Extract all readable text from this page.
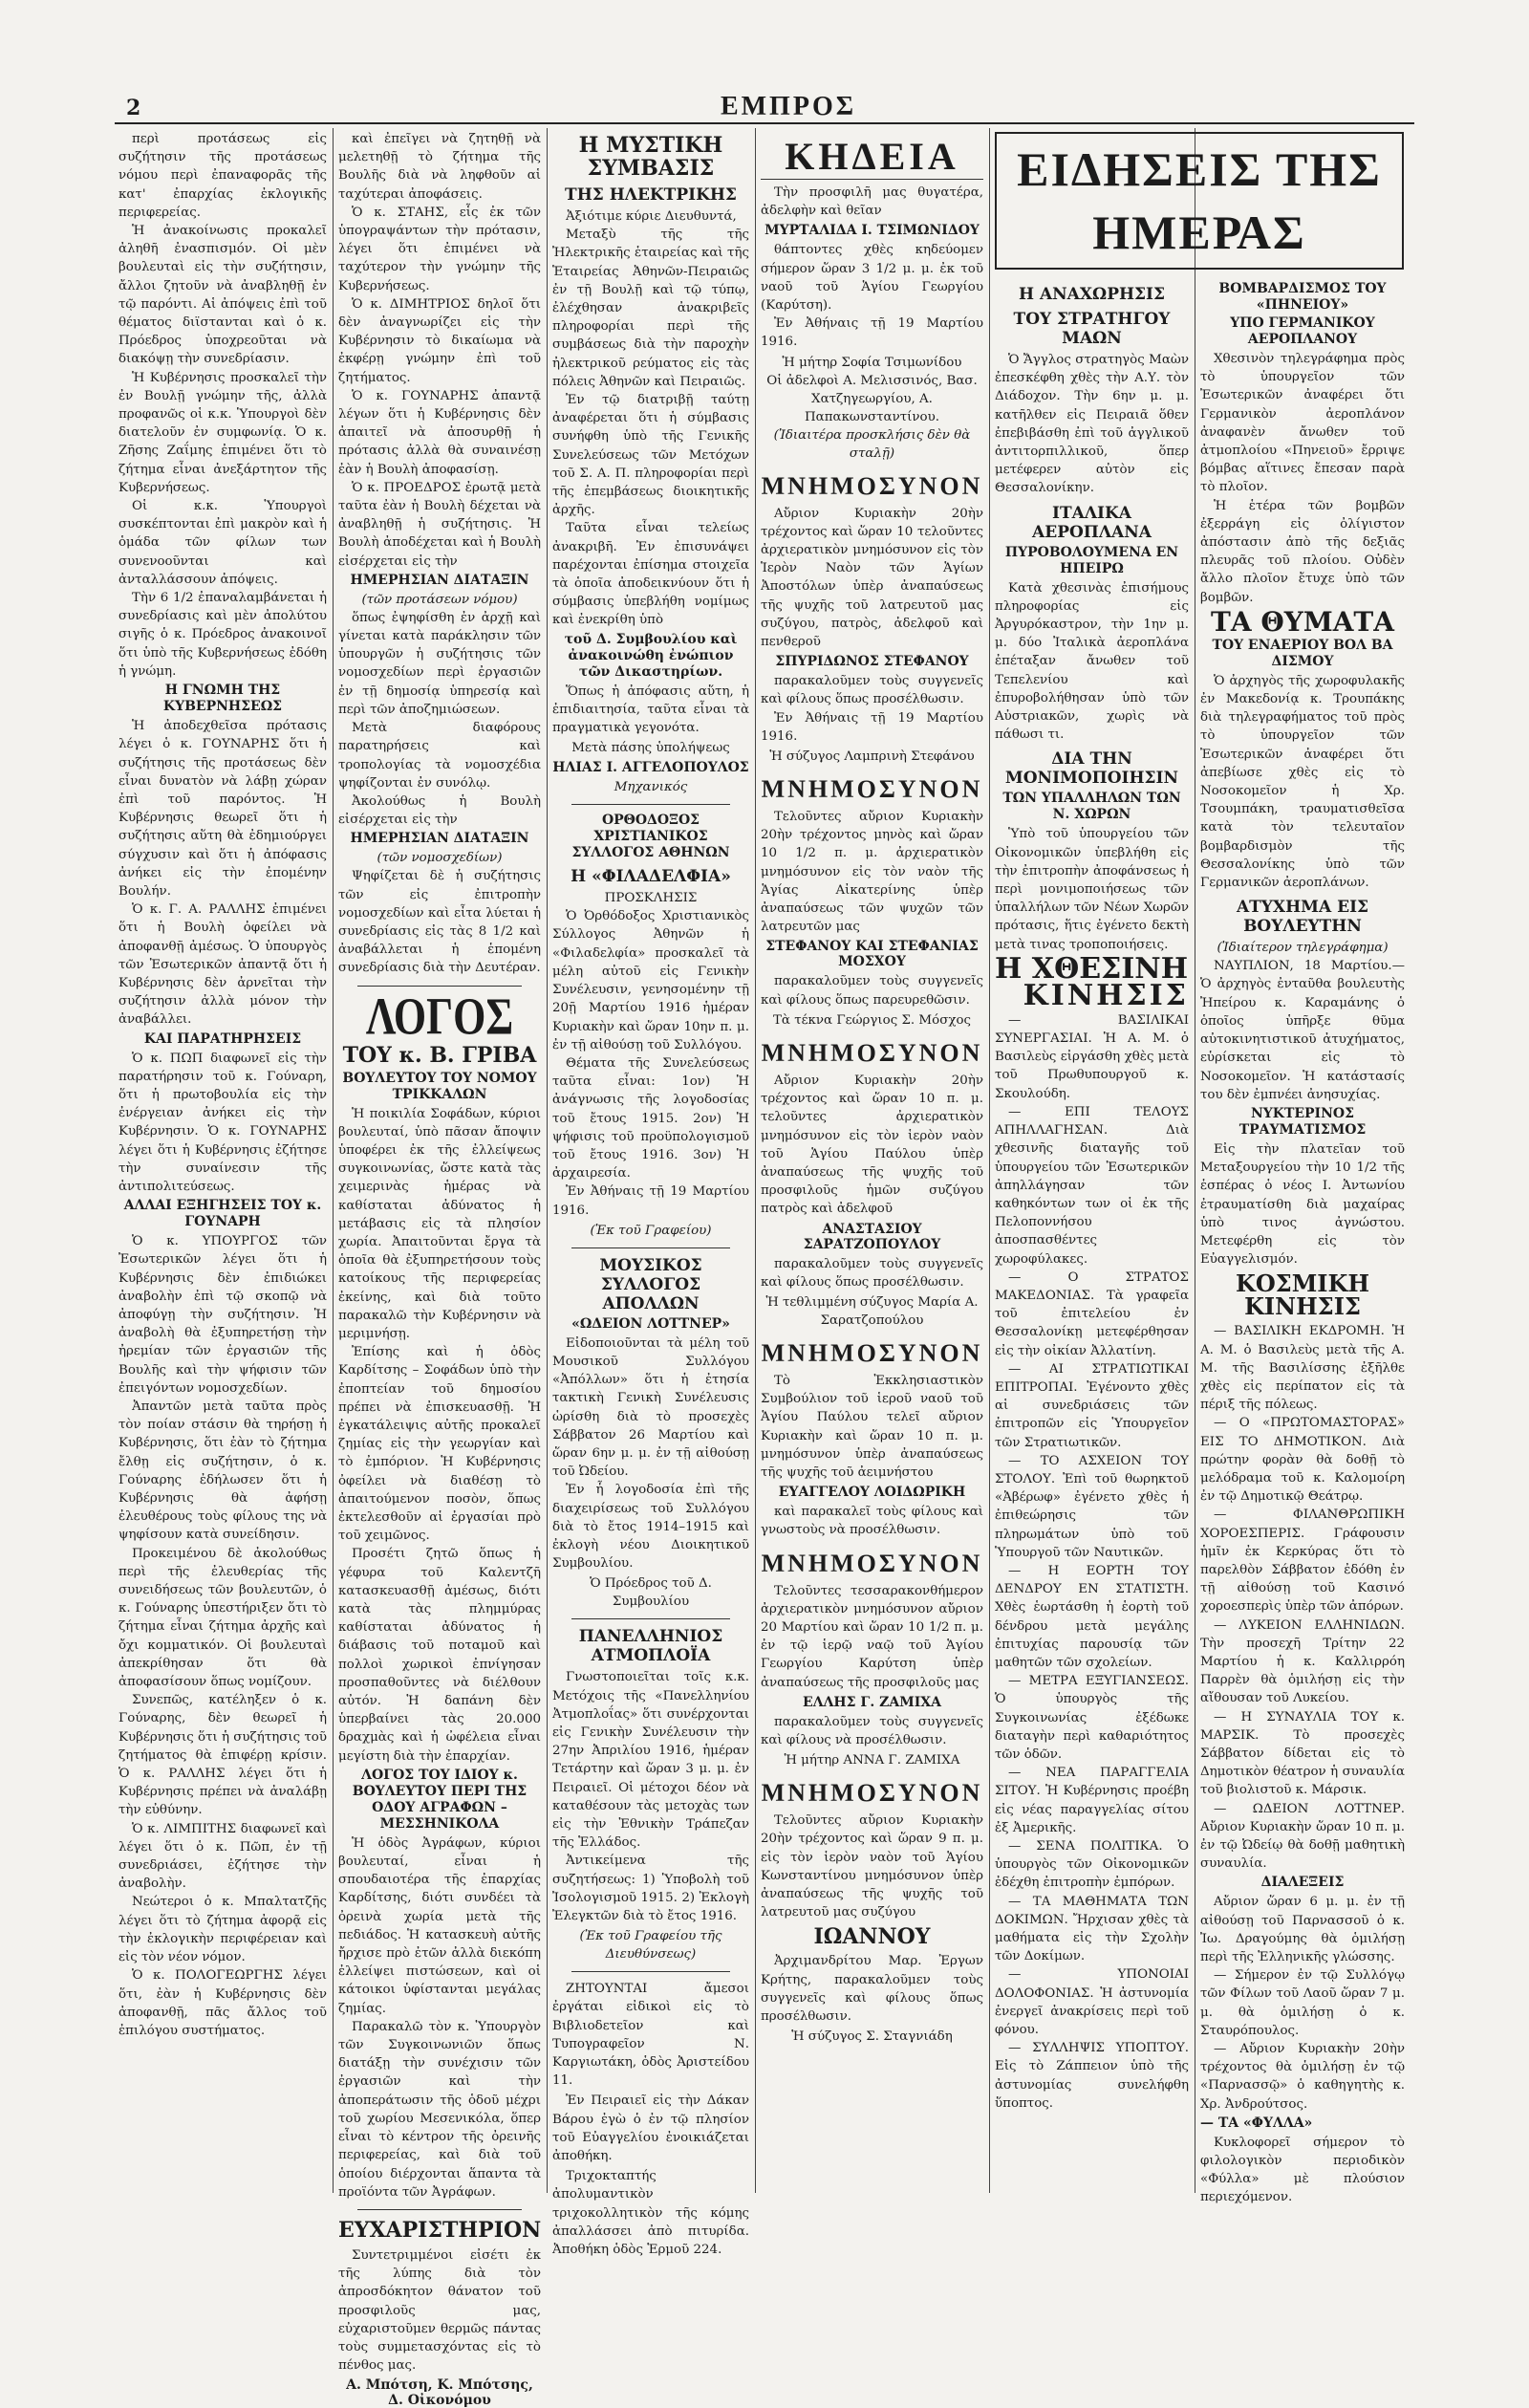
2	ΕΜΠΡΟΣ

περὶ προτάσεως εἰς συζήτησιν τῆς προτάσεως νόμου περὶ ἐπαναφορᾶς τῆς κατ' ἐπαρχίας ἐκλογικῆς περιφερείας.

Ἡ ἀνακοίνωσις προκαλεῖ ἀληθῆ ἐνασπισμόν. Οἱ μὲν βουλευταὶ εἰς τὴν συζήτησιν, ἄλλοι ζητοῦν νὰ ἀναβληθῇ ἐν τῷ παρόντι. Αἱ ἀπόψεις ἐπὶ τοῦ θέματος διϊστανται καὶ ὁ κ. Πρόεδρος ὑποχρεοῦται νὰ διακόψῃ τὴν συνεδρίασιν.

Ἡ Κυβέρνησις προσκαλεῖ τὴν ἐν Βουλῇ γνώμην τῆς, ἀλλὰ προφανῶς οἱ κ.κ. Ὑπουργοὶ δὲν διατελοῦν ἐν συμφωνίᾳ. Ὁ κ. Ζῆσης Ζαΐμης ἐπιμένει ὅτι τὸ ζήτημα εἶναι ἀνεξάρτητον τῆς Κυβερνήσεως.

Οἱ κ.κ. Ὑπουργοὶ συσκέπτονται ἐπὶ μακρὸν καὶ ἡ ὁμάδα τῶν φίλων των συνενοοῦνται καὶ ἀνταλλάσσουν ἀπόψεις.

Τὴν 6 1/2 ἐπαναλαμβάνεται ἡ συνεδρίασις καὶ μὲν ἀπολύτου σιγῆς ὁ κ. Πρόεδρος ἀνακοινοῖ ὅτι ὑπὸ τῆς Κυβερνήσεως ἐδόθη ἡ γνώμη.

Η ΓΝΩΜΗ ΤΗΣ ΚΥΒΕΡΝΗΣΕΩΣ

Ἡ ἀποδεχθεῖσα πρότασις λέγει ὁ κ. ΓΟΥΝΑΡΗΣ ὅτι ἡ συζήτησις τῆς προτάσεως δὲν εἶναι δυνατὸν νὰ λάβῃ χώραν ἐπὶ τοῦ παρόντος. Ἡ Κυβέρνησις θεωρεῖ ὅτι ἡ συζήτησις αὕτη θὰ ἐδημιούργει σύγχυσιν καὶ ὅτι ἡ ἀπόφασις ἀνήκει εἰς τὴν ἐπομένην Βουλήν.

Ὁ κ. Γ. Α. ΡΑΛΛΗΣ ἐπιμένει ὅτι ἡ Βουλὴ ὀφείλει νὰ ἀποφανθῇ ἀμέσως. Ὁ ὑπουργὸς τῶν Ἐσωτερικῶν ἀπαντᾷ ὅτι ἡ Κυβέρνησις δὲν ἀρνεῖται τὴν συζήτησιν ἀλλὰ μόνον τὴν ἀναβάλλει.

ΚΑΙ ΠΑΡΑΤΗΡΗΣΕΙΣ

Ὁ κ. ΠΩΠ διαφωνεῖ εἰς τὴν παρατήρησιν τοῦ κ. Γούναρη, ὅτι ἡ πρωτοβουλία εἰς τὴν ἐνέργειαν ἀνήκει εἰς τὴν Κυβέρνησιν. Ὁ κ. ΓΟΥΝΑΡΗΣ λέγει ὅτι ἡ Κυβέρνησις ἐζήτησε τὴν συναίνεσιν τῆς ἀντιπολιτεύσεως.

ΑΛΛΑΙ ΕΞΗΓΗΣΕΙΣ ΤΟΥ κ. ΓΟΥΝΑΡΗ

Ὁ κ. ΥΠΟΥΡΓΟΣ τῶν Ἐσωτερικῶν λέγει ὅτι ἡ Κυβέρνησις δὲν ἐπιδιώκει ἀναβολὴν ἐπὶ τῷ σκοπῷ νὰ ἀποφύγῃ τὴν συζήτησιν. Ἡ ἀναβολὴ θὰ ἐξυπηρετήσῃ τὴν ἠρεμίαν τῶν ἐργασιῶν τῆς Βουλῆς καὶ τὴν ψήφισιν τῶν ἐπειγόντων νομοσχεδίων.

Ἀπαντῶν μετὰ ταῦτα πρὸς τὸν ποίαν στάσιν θὰ τηρήσῃ ἡ Κυβέρνησις, ὅτι ἐὰν τὸ ζήτημα ἔλθῃ εἰς συζήτησιν, ὁ κ. Γούναρης ἐδήλωσεν ὅτι ἡ Κυβέρνησις θὰ ἀφήσῃ ἐλευθέρους τοὺς φίλους της νὰ ψηφίσουν κατὰ συνείδησιν.

Προκειμένου δὲ ἀκολούθως περὶ τῆς ἐλευθερίας τῆς συνειδήσεως τῶν βουλευτῶν, ὁ κ. Γούναρης ὑπεστήριξεν ὅτι τὸ ζήτημα εἶναι ζήτημα ἀρχῆς καὶ ὄχι κομματικόν. Οἱ βουλευταὶ ἀπεκρίθησαν ὅτι θὰ ἀποφασίσουν ὅπως νομίζουν.

Συνεπῶς, κατέληξεν ὁ κ. Γούναρης, δὲν θεωρεῖ ἡ Κυβέρνησις ὅτι ἡ συζήτησις τοῦ ζητήματος θὰ ἐπιφέρῃ κρίσιν. Ὁ κ. ΡΑΛΛΗΣ λέγει ὅτι ἡ Κυβέρνησις πρέπει νὰ ἀναλάβῃ τὴν εὐθύνην.

Ὁ κ. ΛΙΜΠΙΤΗΣ διαφωνεῖ καὶ λέγει ὅτι ὁ κ. Πῶπ, ἐν τῇ συνεδριάσει, ἐζήτησε τὴν ἀναβολὴν.

Νεώτεροι ὁ κ. Μπαλτατζῆς λέγει ὅτι τὸ ζήτημα ἀφορᾷ εἰς τὴν ἐκλογικὴν περιφέρειαν καὶ εἰς τὸν νέον νόμον.

Ὁ κ. ΠΟΛΟΓΕΩΡΓΗΣ λέγει ὅτι, ἐὰν ἡ Κυβέρνησις δὲν ἀποφανθῇ, πᾶς ἄλλος τοῦ ἐπιλόγου συστήματος.

καὶ ἐπεῖγει νὰ ζητηθῇ νὰ μελετηθῇ τὸ ζήτημα τῆς Βουλῆς διὰ νὰ ληφθοῦν αἱ ταχύτεραι ἀποφάσεις.

Ὁ κ. ΣΤΑΗΣ, εἷς ἐκ τῶν ὑπογραψάντων τὴν πρότασιν, λέγει ὅτι ἐπιμένει νὰ ταχύτερον τὴν γνώμην τῆς Κυβερνήσεως.

Ὁ κ. ΔΙΜΗΤΡΙΟΣ δηλοῖ ὅτι δὲν ἀναγνωρίζει εἰς τὴν Κυβέρνησιν τὸ δικαίωμα νὰ ἐκφέρῃ γνώμην ἐπὶ τοῦ ζητήματος.

Ὁ κ. ΓΟΥΝΑΡΗΣ ἀπαντᾷ λέγων ὅτι ἡ Κυβέρνησις δὲν ἀπαιτεῖ νὰ ἀποσυρθῇ ἡ πρότασις ἀλλὰ θὰ συναινέσῃ ἐὰν ἡ Βουλὴ ἀποφασίσῃ.

Ὁ κ. ΠΡΟΕΔΡΟΣ ἐρωτᾷ μετὰ ταῦτα ἐὰν ἡ Βουλὴ δέχεται νὰ ἀναβληθῇ ἡ συζήτησις. Ἡ Βουλὴ ἀποδέχεται καὶ ἡ Βουλὴ εἰσέρχεται εἰς τὴν

ΗΜΕΡΗΣΙΑΝ ΔΙΑΤΑΞΙΝ
(τῶν προτάσεων νόμου)

ὅπως ἐψηφίσθη ἐν ἀρχῇ καὶ γίνεται κατὰ παράκλησιν τῶν ὑπουργῶν ἡ συζήτησις τῶν νομοσχεδίων περὶ ἐργασιῶν ἐν τῇ δημοσίᾳ ὑπηρεσίᾳ καὶ περὶ τῶν ἀποζημιώσεων.

Μετὰ διαφόρους παρατηρήσεις καὶ τροπολογίας τὰ νομοσχέδια ψηφίζονται ἐν συνόλῳ.

Ἀκολούθως ἡ Βουλὴ εἰσέρχεται εἰς τὴν

ΗΜΕΡΗΣΙΑΝ ΔΙΑΤΑΞΙΝ
(τῶν νομοσχεδίων)

Ψηφίζεται δὲ ἡ συζήτησις τῶν εἰς ἐπιτροπὴν νομοσχεδίων καὶ εἶτα λύεται ἡ συνεδρίασις εἰς τὰς 8 1/2 καὶ ἀναβάλλεται ἡ ἑπομένη συνεδρίασις διὰ τὴν Δευτέραν.

ΛΟΓΟΣ
ΤΟΥ κ. Β. ΓΡΙΒΑ
ΒΟΥΛΕΥΤΟΥ ΤΟΥ ΝΟΜΟΥ ΤΡΙΚΚΑΛΩΝ

Ἡ ποικιλία Σοφάδων, κύριοι βουλευταί, ὑπὸ πᾶσαν ἄποψιν ὑποφέρει ἐκ τῆς ἐλλείψεως συγκοινωνίας, ὥστε κατὰ τὰς χειμερινὰς ἡμέρας νὰ καθίσταται ἀδύνατος ἡ μετάβασις εἰς τὰ πλησίον χωρία. Ἀπαιτοῦνται ἔργα τὰ ὁποῖα θὰ ἐξυπηρετήσουν τοὺς κατοίκους τῆς περιφερείας ἐκείνης, καὶ διὰ τοῦτο παρακαλῶ τὴν Κυβέρνησιν νὰ μεριμνήσῃ.

Ἐπίσης καὶ ἡ ὁδὸς Καρδίτσης – Σοφάδων ὑπὸ τὴν ἐποπτείαν τοῦ δημοσίου πρέπει νὰ ἐπισκευασθῇ. Ἡ ἐγκατάλειψις αὐτῆς προκαλεῖ ζημίας εἰς τὴν γεωργίαν καὶ τὸ ἐμπόριον. Ἡ Κυβέρνησις ὀφείλει νὰ διαθέσῃ τὸ ἀπαιτούμενον ποσὸν, ὅπως ἐκτελεσθοῦν αἱ ἐργασίαι πρὸ τοῦ χειμῶνος.

Προσέτι ζητῶ ὅπως ἡ γέφυρα τοῦ Καλεντζῆ κατασκευασθῇ ἀμέσως, διότι κατὰ τὰς πλημμύρας καθίσταται ἀδύνατος ἡ διάβασις τοῦ ποταμοῦ καὶ πολλοὶ χωρικοὶ ἐπνίγησαν προσπαθοῦντες νὰ διέλθουν αὐτόν. Ἡ δαπάνη δὲν ὑπερβαίνει τὰς 20.000 δραχμὰς καὶ ἡ ὠφέλεια εἶναι μεγίστη διὰ τὴν ἐπαρχίαν.

ΛΟΓΟΣ ΤΟΥ ΙΔΙΟΥ κ. ΒΟΥΛΕΥΤΟΥ ΠΕΡΙ ΤΗΣ ΟΔΟΥ ΑΓΡΑΦΩΝ – ΜΕΣΣΗΝΙΚΟΛΑ

Ἡ ὁδὸς Ἀγράφων, κύριοι βουλευταί, εἶναι ἡ σπουδαιοτέρα τῆς ἐπαρχίας Καρδίτσης, διότι συνδέει τὰ ὀρεινὰ χωρία μετὰ τῆς πεδιάδος. Ἡ κατασκευὴ αὐτῆς ἤρχισε πρὸ ἐτῶν ἀλλὰ διεκόπη ἐλλείψει πιστώσεων, καὶ οἱ κάτοικοι ὑφίστανται μεγάλας ζημίας.

Παρακαλῶ τὸν κ. Ὑπουργὸν τῶν Συγκοινωνιῶν ὅπως διατάξῃ τὴν συνέχισιν τῶν ἐργασιῶν καὶ τὴν ἀποπεράτωσιν τῆς ὁδοῦ μέχρι τοῦ χωρίου Μεσενικόλα, ὅπερ εἶναι τὸ κέντρον τῆς ὀρεινῆς περιφερείας, καὶ διὰ τοῦ ὁποίου διέρχονται ἅπαντα τὰ προϊόντα τῶν Ἀγράφων.

ΕΥΧΑΡΙΣΤΗΡΙΟΝ

Συντετριμμένοι εἰσέτι ἐκ τῆς λύπης διὰ τὸν ἀπροσδόκητον θάνατον τοῦ προσφιλοῦς μας, εὐχαριστοῦμεν θερμῶς πάντας τοὺς συμμετασχόντας εἰς τὸ πένθος μας.

Α. Μπότση, Κ. Μπότσης, Δ. Οἰκονόμου
Η ΜΥΣΤΙΚΗ ΣΥΜΒΑΣΙΣ
ΤΗΣ ΗΛΕΚΤΡΙΚΗΣ

Ἀξιότιμε κύριε Διευθυντά,

Μεταξὺ τῆς τῆς Ἠλεκτρικῆς ἑταιρείας καὶ τῆς Ἑταιρείας Ἀθηνῶν-Πειραιῶς ἐν τῇ Βουλῇ καὶ τῷ τύπῳ, ἐλέχθησαν ἀνακριβεῖς πληροφορίαι περὶ τῆς συμβάσεως διὰ τὴν παροχὴν ἠλεκτρικοῦ ρεύματος εἰς τὰς πόλεις Ἀθηνῶν καὶ Πειραιῶς.

Ἐν τῷ διατριβῇ ταύτῃ ἀναφέρεται ὅτι ἡ σύμβασις συνήφθη ὑπὸ τῆς Γενικῆς Συνελεύσεως τῶν Μετόχων τοῦ Σ. Α. Π. πληροφορίαι περὶ τῆς ἐπεμβάσεως διοικητικῆς ἀρχῆς.

Ταῦτα εἶναι τελείως ἀνακριβῆ. Ἐν ἐπισυνάψει παρέχονται ἐπίσημα στοιχεῖα τὰ ὁποῖα ἀποδεικνύουν ὅτι ἡ σύμβασις ὑπεβλήθη νομίμως καὶ ἐνεκρίθη ὑπὸ

τοῦ Δ. Συμβουλίου καὶ ἀνακοινώθη ἐνώπιον τῶν Δικαστηρίων.

Ὅπως ἡ ἀπόφασις αὕτη, ἡ ἐπιδιαιτησία, ταῦτα εἶναι τὰ πραγματικὰ γεγονότα.

Μετὰ πάσης ὑπολήψεως
ΗΛΙΑΣ Ι. ΑΓΓΕΛΟΠΟΥΛΟΣ
Μηχανικός
ΟΡΘΟΔΟΞΟΣ ΧΡΙΣΤΙΑΝΙΚΟΣ ΣΥΛΛΟΓΟΣ ΑΘΗΝΩΝ
Η «ΦΙΛΑΔΕΛΦΙΑ»
ΠΡΟΣΚΛΗΣΙΣ

Ὁ Ὀρθόδοξος Χριστιανικὸς Σύλλογος Ἀθηνῶν ἡ «Φιλαδελφία» προσκαλεῖ τὰ μέλη αὐτοῦ εἰς Γενικὴν Συνέλευσιν, γενησομένην τῇ 20ῇ Μαρτίου 1916 ἡμέραν Κυριακὴν καὶ ὥραν 10ην π. μ. ἐν τῇ αἰθούσῃ τοῦ Συλλόγου.

Θέματα τῆς Συνελεύσεως ταῦτα εἶναι: 1ον) Ἡ ἀνάγνωσις τῆς λογοδοσίας τοῦ ἔτους 1915. 2ον) Ἡ ψήφισις τοῦ προϋπολογισμοῦ τοῦ ἔτους 1916. 3ον) Ἡ ἀρχαιρεσία.

Ἐν Ἀθήναις τῇ 19 Μαρτίου 1916.

(Ἐκ τοῦ Γραφείου)
ΜΟΥΣΙΚΟΣ ΣΥΛΛΟΓΟΣ ΑΠΟΛΛΩΝ
«ΩΔΕΙΟΝ ΛΟΤΤΝΕΡ»

Εἰδοποιοῦνται τὰ μέλη τοῦ Μουσικοῦ Συλλόγου «Ἀπόλλων» ὅτι ἡ ἐτησία τακτικὴ Γενικὴ Συνέλευσις ὡρίσθη διὰ τὸ προσεχὲς Σάββατον 26 Μαρτίου καὶ ὥραν 6ην μ. μ. ἐν τῇ αἰθούσῃ τοῦ Ὠδείου.

Ἐν ἧ λογοδοσία ἐπὶ τῆς διαχειρίσεως τοῦ Συλλόγου διὰ τὸ ἔτος 1914–1915 καὶ ἐκλογὴ νέου Διοικητικοῦ Συμβουλίου.

Ὁ Πρόεδρος τοῦ Δ. Συμβουλίου
ΠΑΝΕΛΛΗΝΙΟΣ ΑΤΜΟΠΛΟΪΑ

Γνωστοποιεῖται τοῖς κ.κ. Μετόχοις τῆς «Πανελληνίου Ἀτμοπλοΐας» ὅτι συνέρχονται εἰς Γενικὴν Συνέλευσιν τὴν 27ην Ἀπριλίου 1916, ἡμέραν Τετάρτην καὶ ὥραν 3 μ. μ. ἐν Πειραιεῖ. Οἱ μέτοχοι δέον νὰ καταθέσουν τὰς μετοχὰς των εἰς τὴν Ἐθνικὴν Τράπεζαν τῆς Ἑλλάδος.

Ἀντικείμενα τῆς συζητήσεως: 1) Ὑποβολὴ τοῦ Ἰσολογισμοῦ 1915. 2) Ἐκλογὴ Ἐλεγκτῶν διὰ τὸ ἔτος 1916.

(Ἐκ τοῦ Γραφείου τῆς Διευθύνσεως)

ΖΗΤΟΥΝΤΑΙ ἄμεσοι ἐργάται εἰδικοὶ εἰς τὸ Βιβλιοδετεῖον καὶ Τυπογραφεῖον Ν. Καργιωτάκη, ὁδὸς Ἀριστείδου 11.

Ἐν Πειραιεῖ εἰς τὴν Δάκαν Βάρου ἐγὼ ὁ ἐν τῷ πλησίον τοῦ Εὐαγγελίου ἐνοικιάζεται ἀποθήκη.

Τριχοκταπτής ἀπολυμαντικὸν τριχοκολλητικὸν τῆς κόμης ἀπαλλάσσει ἀπὸ πιτυρίδα. Ἀποθήκη ὁδὸς Ἑρμοῦ 224.

ΚΗΔΕΙΑ

Τὴν προσφιλῆ μας θυγατέρα, ἀδελφὴν καὶ θεῖαν

ΜΥΡΤΑΛΙΔΑ Ι. ΤΣΙΜΩΝΙΔΟΥ

θάπτοντες χθὲς κηδεύομεν σήμερον ὥραν 3 1/2 μ. μ. ἐκ τοῦ ναοῦ τοῦ Ἁγίου Γεωργίου (Καρύτση).

Ἐν Ἀθήναις τῇ 19 Μαρτίου 1916.

Ἡ μήτηρ Σοφία Τσιμωνίδου
Οἱ ἀδελφοὶ Α. Μελισσινός, Βασ. Χατζηγεωργίου, Α. Παπακωνσταντίνου.
(Ἰδιαιτέρα προσκλήσις δὲν θὰ σταλῇ)
ΜΝΗΜΟΣΥΝΟΝ

Αὔριον Κυριακὴν 20ὴν τρέχοντος καὶ ὥραν 10 τελοῦντες ἀρχιερατικὸν μνημόσυνον εἰς τὸν Ἱερὸν Ναὸν τῶν Ἁγίων Ἀποστόλων ὑπὲρ ἀναπαύσεως τῆς ψυχῆς τοῦ λατρευτοῦ μας συζύγου, πατρὸς, ἀδελφοῦ καὶ πενθεροῦ

ΣΠΥΡΙΔΩΝΟΣ ΣΤΕΦΑΝΟΥ

παρακαλοῦμεν τοὺς συγγενεῖς καὶ φίλους ὅπως προσέλθωσιν.

Ἐν Ἀθήναις τῇ 19 Μαρτίου 1916.

Ἡ σύζυγος Λαμπρινὴ Στεφάνου
ΜΝΗΜΟΣΥΝΟΝ

Τελοῦντες αὔριον Κυριακὴν 20ὴν τρέχοντος μηνὸς καὶ ὥραν 10 1/2 π. μ. ἀρχιερατικὸν μνημόσυνον εἰς τὸν ναὸν τῆς Ἁγίας Αἰκατερίνης ὑπὲρ ἀναπαύσεως τῶν ψυχῶν τῶν λατρευτῶν μας

ΣΤΕΦΑΝΟΥ ΚΑΙ ΣΤΕΦΑΝΙΑΣ ΜΟΣΧΟΥ

παρακαλοῦμεν τοὺς συγγενεῖς καὶ φίλους ὅπως παρευρεθῶσιν.

Τὰ τέκνα Γεώργιος Σ. Μόσχος
ΜΝΗΜΟΣΥΝΟΝ

Αὔριον Κυριακὴν 20ὴν τρέχοντος καὶ ὥραν 10 π. μ. τελοῦντες ἀρχιερατικὸν μνημόσυνον εἰς τὸν ἱερὸν ναὸν τοῦ Ἁγίου Παύλου ὑπὲρ ἀναπαύσεως τῆς ψυχῆς τοῦ προσφιλοῦς ἡμῶν συζύγου πατρὸς καὶ ἀδελφοῦ

ΑΝΑΣΤΑΣΙΟΥ ΣΑΡΑΤΖΟΠΟΥΛΟΥ

παρακαλοῦμεν τοὺς συγγενεῖς καὶ φίλους ὅπως προσέλθωσιν.

Ἡ τεθλιμμένη σύζυγος Μαρία Α. Σαρατζοπούλου
ΜΝΗΜΟΣΥΝΟΝ

Τὸ Ἐκκλησιαστικὸν Συμβούλιον τοῦ ἱεροῦ ναοῦ τοῦ Ἁγίου Παύλου τελεῖ αὔριον Κυριακὴν καὶ ὥραν 10 π. μ. μνημόσυνον ὑπὲρ ἀναπαύσεως τῆς ψυχῆς τοῦ ἀειμνήστου

ΕΥΑΓΓΕΛΟΥ ΛΟΙΔΩΡΙΚΗ

καὶ παρακαλεῖ τοὺς φίλους καὶ γνωστοὺς νὰ προσέλθωσιν.

ΜΝΗΜΟΣΥΝΟΝ

Τελοῦντες τεσσαρακονθήμερον ἀρχιερατικὸν μνημόσυνον αὔριον 20 Μαρτίου καὶ ὥραν 10 1/2 π. μ. ἐν τῷ ἱερῷ ναῷ τοῦ Ἁγίου Γεωργίου Καρύτση ὑπὲρ ἀναπαύσεως τῆς προσφιλοῦς μας

ΕΛΛΗΣ Γ. ΖΑΜΙΧΑ

παρακαλοῦμεν τοὺς συγγενεῖς καὶ φίλους νὰ προσέλθωσιν.

Ἡ μήτηρ ΑΝΝΑ Γ. ΖΑΜΙΧΑ
ΜΝΗΜΟΣΥΝΟΝ

Τελοῦντες αὔριον Κυριακὴν 20ὴν τρέχοντος καὶ ὥραν 9 π. μ. εἰς τὸν ἱερὸν ναὸν τοῦ Ἁγίου Κωνσταντίνου μνημόσυνον ὑπὲρ ἀναπαύσεως τῆς ψυχῆς τοῦ λατρευτοῦ μας συζύγου

ΙΩΑΝΝΟΥ

Ἀρχιμανδρίτου Μαρ. Ἐργων Κρήτης, παρακαλοῦμεν τοὺς συγγενεῖς καὶ φίλους ὅπως προσέλθωσιν.

Ἡ σύζυγος Σ. Σταγνιάδη
Η ΑΝΑΧΩΡΗΣΙΣ
ΤΟΥ ΣΤΡΑΤΗΓΟΥ ΜΑΩΝ

Ὁ Ἄγγλος στρατηγὸς Μαὼν ἐπεσκέφθη χθὲς τὴν Α.Υ. τὸν Διάδοχον. Τὴν 6ην μ. μ. κατῆλθεν εἰς Πειραιᾶ ὅθεν ἐπεβιβάσθη ἐπὶ τοῦ ἀγγλικοῦ ἀντιτορπιλλικοῦ, ὅπερ μετέφερεν αὐτὸν εἰς Θεσσαλονίκην.

ΙΤΑΛΙΚΑ ΑΕΡΟΠΛΑΝΑ
ΠΥΡΟΒΟΛΟΥΜΕΝΑ ΕΝ ΗΠΕΙΡΩ

Κατὰ χθεσινὰς ἐπισήμους πληροφορίας εἰς Ἀργυρόκαστρον, τὴν 1ην μ. μ. δύο Ἰταλικὰ ἀεροπλάνα ἐπέταξαν ἄνωθεν τοῦ Τεπελενίου καὶ ἐπυροβολήθησαν ὑπὸ τῶν Αὐστριακῶν, χωρὶς νὰ πάθωσι τι.

ΔΙΑ ΤΗΝ ΜΟΝΙΜΟΠΟΙΗΣΙΝ
ΤΩΝ ΥΠΑΛΛΗΛΩΝ ΤΩΝ Ν. ΧΩΡΩΝ

Ὑπὸ τοῦ ὑπουργείου τῶν Οἰκονομικῶν ὑπεβλήθη εἰς τὴν ἐπιτροπὴν ἀποφάνσεως ἡ περὶ μονιμοποιήσεως τῶν ὑπαλλήλων τῶν Νέων Χωρῶν πρότασις, ἥτις ἐγένετο δεκτὴ μετὰ τινας τροποποιήσεις.

Η ΧΘΕΣΙΝΗ
ΚΙΝΗΣΙΣ

— ΒΑΣΙΛΙΚΑΙ ΣΥΝΕΡΓΑΣΙΑΙ. Ἡ Α. Μ. ὁ Βασιλεὺς εἰργάσθη χθὲς μετὰ τοῦ Πρωθυπουργοῦ κ. Σκουλούδη.

— ΕΠΙ ΤΕΛΟΥΣ ΑΠΗΛΛΑΓΗΣΑΝ. Διὰ χθεσινῆς διαταγῆς τοῦ ὑπουργείου τῶν Ἐσωτερικῶν ἀπηλλάγησαν τῶν καθηκόντων των οἱ ἐκ τῆς Πελοποννήσου ἀποσπασθέντες χωροφύλακες.

— Ο ΣΤΡΑΤΟΣ ΜΑΚΕΔΟΝΙΑΣ. Τὰ γραφεῖα τοῦ ἐπιτελείου ἐν Θεσσαλονίκῃ μετεφέρθησαν εἰς τὴν οἰκίαν Ἀλλατίνη.

— ΑΙ ΣΤΡΑΤΙΩΤΙΚΑΙ ΕΠΙΤΡΟΠΑΙ. Ἐγένοντο χθὲς αἱ συνεδριάσεις τῶν ἐπιτροπῶν εἰς Ὑπουργεῖον τῶν Στρατιωτικῶν.

— ΤΟ ΑΣΧΕΙΟΝ ΤΟΥ ΣΤΟΛΟΥ. Ἐπὶ τοῦ θωρηκτοῦ «Ἀβέρωφ» ἐγένετο χθὲς ἡ ἐπιθεώρησις τῶν πληρωμάτων ὑπὸ τοῦ Ὑπουργοῦ τῶν Ναυτικῶν.

— Η ΕΟΡΤΗ ΤΟΥ ΔΕΝΔΡΟΥ ΕΝ ΣΤΑΤΙΣΤΗ. Χθὲς ἑωρτάσθη ἡ ἑορτὴ τοῦ δένδρου μετὰ μεγάλης ἐπιτυχίας παρουσίᾳ τῶν μαθητῶν τῶν σχολείων.

— ΜΕΤΡΑ ΕΞΥΓΙΑΝΣΕΩΣ. Ὁ ὑπουργὸς τῆς Συγκοινωνίας ἐξέδωκε διαταγὴν περὶ καθαριότητος τῶν ὁδῶν.

— ΝΕΑ ΠΑΡΑΓΓΕΛΙΑ ΣΙΤΟΥ. Ἡ Κυβέρνησις προέβη εἰς νέας παραγγελίας σίτου ἐξ Ἀμερικῆς.

— ΣΕΝΑ ΠΟΛΙΤΙΚΑ. Ὁ ὑπουργὸς τῶν Οἰκονομικῶν ἐδέχθη ἐπιτροπὴν ἐμπόρων.

— ΤΑ ΜΑΘΗΜΑΤΑ ΤΩΝ ΔΟΚΙΜΩΝ. Ἤρχισαν χθὲς τὰ μαθήματα εἰς τὴν Σχολὴν τῶν Δοκίμων.

— ΥΠΟΝΟΙΑΙ ΔΟΛΟΦΟΝΙΑΣ. Ἡ ἀστυνομία ἐνεργεῖ ἀνακρίσεις περὶ τοῦ φόνου.

— ΣΥΛΛΗΨΙΣ ΥΠΟΠΤΟΥ. Εἰς τὸ Ζάππειον ὑπὸ τῆς ἀστυνομίας συνελήφθη ὕποπτος.

ΕΙΔΗΣΕΙΣ ΤΗΣ ΗΜΕΡΑΣ
ΒΟΜΒΑΡΔΙΣΜΟΣ ΤΟΥ «ΠΗΝΕΙΟΥ»
ΥΠΟ ΓΕΡΜΑΝΙΚΟΥ ΑΕΡΟΠΛΑΝΟΥ

Χθεσινὸν τηλεγράφημα πρὸς τὸ ὑπουργεῖον τῶν Ἐσωτερικῶν ἀναφέρει ὅτι Γερμανικὸν ἀεροπλάνον ἀναφανὲν ἄνωθεν τοῦ ἀτμοπλοίου «Πηνειοῦ» ἔρριψε βόμβας αἵτινες ἔπεσαν παρὰ τὸ πλοῖον.

Ἡ ἑτέρα τῶν βομβῶν ἐξερράγη εἰς ὀλίγιστον ἀπόστασιν ἀπὸ τῆς δεξιᾶς πλευρᾶς τοῦ πλοίου. Οὐδὲν ἄλλο πλοῖον ἔτυχε ὑπὸ τῶν βομβῶν.

ΤΑ ΘΥΜΑΤΑ
ΤΟΥ ΕΝΑΕΡΙΟΥ ΒΟΛ ΒΑ ΔΙΣΜΟΥ

Ὁ ἀρχηγὸς τῆς χωροφυλακῆς ἐν Μακεδονίᾳ κ. Τρουπάκης διὰ τηλεγραφήματος τοῦ πρὸς τὸ ὑπουργεῖον τῶν Ἐσωτερικῶν ἀναφέρει ὅτι ἀπεβίωσε χθὲς εἰς τὸ Νοσοκομεῖον ἡ Χρ. Τσουμπάκη, τραυματισθεῖσα κατὰ τὸν τελευταῖον βομβαρδισμὸν τῆς Θεσσαλονίκης ὑπὸ τῶν Γερμανικῶν ἀεροπλάνων.

ΑΤΥΧΗΜΑ ΕΙΣ ΒΟΥΛΕΥΤΗΝ
(Ἰδιαίτερον τηλεγράφημα)

ΝΑΥΠΛΙΟΝ, 18 Μαρτίου.— Ὁ ἀρχηγὸς ἐνταῦθα βουλευτὴς Ἠπείρου κ. Καραμάνης ὁ ὁποῖος ὑπῆρξε θῦμα αὐτοκινητιστικοῦ ἀτυχήματος, εὑρίσκεται εἰς τὸ Νοσοκομεῖον. Ἡ κατάστασίς του δὲν ἐμπνέει ἀνησυχίας.

ΝΥΚΤΕΡΙΝΟΣ ΤΡΑΥΜΑΤΙΣΜΟΣ

Εἰς τὴν πλατεῖαν τοῦ Μεταξουργείου τὴν 10 1/2 τῆς ἑσπέρας ὁ νέος Ι. Ἀντωνίου ἐτραυματίσθη διὰ μαχαίρας ὑπὸ τινος ἀγνώστου. Μετεφέρθη εἰς τὸν Εὐαγγελισμόν.

ΚΟΣΜΙΚΗ ΚΙΝΗΣΙΣ

— ΒΑΣΙΛΙΚΗ ΕΚΔΡΟΜΗ. Ἡ Α. Μ. ὁ Βασιλεὺς μετὰ τῆς Α. Μ. τῆς Βασιλίσσης ἐξῆλθε χθὲς εἰς περίπατον εἰς τὰ πέριξ τῆς πόλεως.

— Ο «ΠΡΩΤΟΜΑΣΤΟΡΑΣ» ΕΙΣ ΤΟ ΔΗΜΟΤΙΚΟΝ. Διὰ πρώτην φορὰν θὰ δοθῇ τὸ μελόδραμα τοῦ κ. Καλομοίρη ἐν τῷ Δημοτικῷ Θεάτρῳ.

— ΦΙΛΑΝΘΡΩΠΙΚΗ ΧΟΡΟΕΣΠΕΡΙΣ. Γράφουσιν ἡμῖν ἐκ Κερκύρας ὅτι τὸ παρελθὸν Σάββατον ἐδόθη ἐν τῇ αἰθούσῃ τοῦ Κασινό χοροεσπερὶς ὑπὲρ τῶν ἀπόρων.

— ΛΥΚΕΙΟΝ ΕΛΛΗΝΙΔΩΝ. Τὴν προσεχῆ Τρίτην 22 Μαρτίου ἡ κ. Καλλιρρόη Παρρὲν θὰ ὁμιλήσῃ εἰς τὴν αἴθουσαν τοῦ Λυκείου.

— Η ΣΥΝΑΥΛΙΑ ΤΟΥ κ. ΜΑΡΣΙΚ. Τὸ προσεχὲς Σάββατον δίδεται εἰς τὸ Δημοτικὸν θέατρον ἡ συναυλία τοῦ βιολιστοῦ κ. Μάρσικ.

— ΩΔΕΙΟΝ ΛΟΤΤΝΕΡ. Αὔριον Κυριακὴν ὥραν 10 π. μ. ἐν τῷ Ὠδείῳ θὰ δοθῇ μαθητικὴ συναυλία.

ΔΙΑΛΕΞΕΙΣ

Αὔριον ὥραν 6 μ. μ. ἐν τῇ αἰθούσῃ τοῦ Παρνασσοῦ ὁ κ. Ἰω. Δραγούμης θὰ ὁμιλήσῃ περὶ τῆς Ἑλληνικῆς γλώσσης.

— Σήμερον ἐν τῷ Συλλόγῳ τῶν Φίλων τοῦ Λαοῦ ὥραν 7 μ. μ. θὰ ὁμιλήσῃ ὁ κ. Σταυρόπουλος.

— Αὔριον Κυριακὴν 20ὴν τρέχοντος θὰ ὁμιλήσῃ ἐν τῷ «Παρνασσῷ» ὁ καθηγητὴς κ. Χρ. Ἀνδρούτσος.

— ΤΑ «ΦΥΛΛΑ»

Κυκλοφορεῖ σήμερον τὸ φιλολογικὸν περιοδικὸν «Φύλλα» μὲ πλούσιον περιεχόμενον.
